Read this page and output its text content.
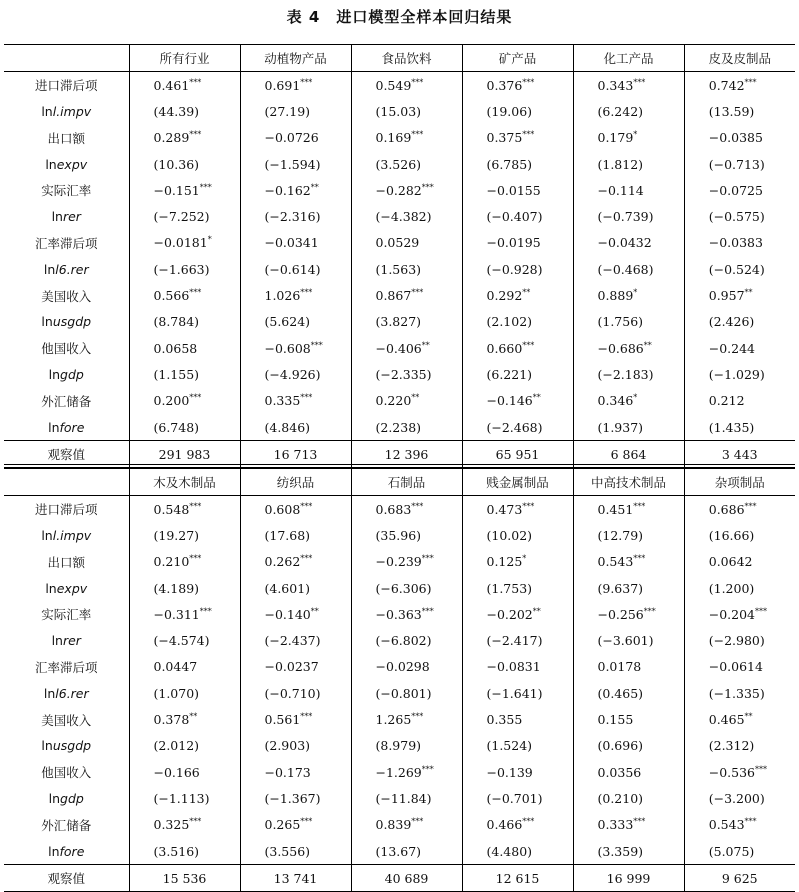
表 4　进口模型全样本回归结果
	所有行业	动植物产品	食品饮料	矿产品	化工产品	皮及皮制品
进口滞后项	0.461***	0.691***	0.549***	0.376***	0.343***	0.742***
lnl.impv	(44.39)	(27.19)	(15.03)	(19.06)	(6.242)	(13.59)
出口额	0.289***	−0.0726	0.169***	0.375***	0.179*	−0.0385
lnexpv	(10.36)	(−1.594)	(3.526)	(6.785)	(1.812)	(−0.713)
实际汇率	−0.151***	−0.162**	−0.282***	−0.0155	−0.114	−0.0725
lnrer	(−7.252)	(−2.316)	(−4.382)	(−0.407)	(−0.739)	(−0.575)
汇率滞后项	−0.0181*	−0.0341	0.0529	−0.0195	−0.0432	−0.0383
lnl6.rer	(−1.663)	(−0.614)	(1.563)	(−0.928)	(−0.468)	(−0.524)
美国收入	0.566***	1.026***	0.867***	0.292**	0.889*	0.957**
lnusgdp	(8.784)	(5.624)	(3.827)	(2.102)	(1.756)	(2.426)
他国收入	0.0658	−0.608***	−0.406**	0.660***	−0.686**	−0.244
lngdp	(1.155)	(−4.926)	(−2.335)	(6.221)	(−2.183)	(−1.029)
外汇储备	0.200***	0.335***	0.220**	−0.146**	0.346*	0.212
lnfore	(6.748)	(4.846)	(2.238)	(−2.468)	(1.937)	(1.435)
观察值	291 983	16 713	12 396	65 951	6 864	3 443
	木及木制品	纺织品	石制品	贱金属制品	中高技术制品	杂项制品
进口滞后项	0.548***	0.608***	0.683***	0.473***	0.451***	0.686***
lnl.impv	(19.27)	(17.68)	(35.96)	(10.02)	(12.79)	(16.66)
出口额	0.210***	0.262***	−0.239***	0.125*	0.543***	0.0642
lnexpv	(4.189)	(4.601)	(−6.306)	(1.753)	(9.637)	(1.200)
实际汇率	−0.311***	−0.140**	−0.363***	−0.202**	−0.256***	−0.204***
lnrer	(−4.574)	(−2.437)	(−6.802)	(−2.417)	(−3.601)	(−2.980)
汇率滞后项	0.0447	−0.0237	−0.0298	−0.0831	0.0178	−0.0614
lnl6.rer	(1.070)	(−0.710)	(−0.801)	(−1.641)	(0.465)	(−1.335)
美国收入	0.378**	0.561***	1.265***	0.355	0.155	0.465**
lnusgdp	(2.012)	(2.903)	(8.979)	(1.524)	(0.696)	(2.312)
他国收入	−0.166	−0.173	−1.269***	−0.139	0.0356	−0.536***
lngdp	(−1.113)	(−1.367)	(−11.84)	(−0.701)	(0.210)	(−3.200)
外汇储备	0.325***	0.265***	0.839***	0.466***	0.333***	0.543***
lnfore	(3.516)	(3.556)	(13.67)	(4.480)	(3.359)	(5.075)
观察值	15 536	13 741	40 689	12 615	16 999	9 625
